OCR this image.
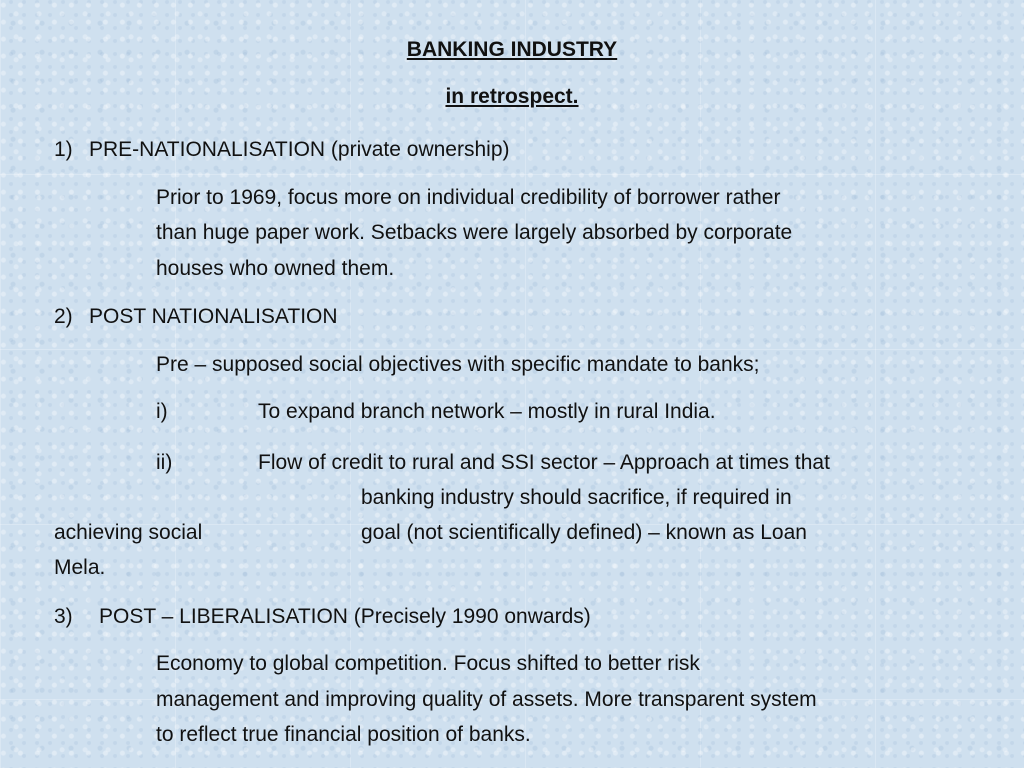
BANKING INDUSTRY
in retrospect.

1) PRE-NATIONALISATION (private ownership)

Prior to 1969, focus more on individual credibility of borrower rather

than huge paper work. Setbacks were largely absorbed by corporate

houses who owned them.

2) POST NATIONALISATION

Pre – supposed social objectives with specific mandate to banks;

i)	To expand branch network – mostly in rural India.

ii)	Flow of credit to rural and SSI sector – Approach at times that

banking industry should sacrifice, if required in

achieving social	goal (not scientifically defined) – known as Loan

Mela.

3) POST – LIBERALISATION (Precisely 1990 onwards)

Economy to global competition. Focus shifted to better risk

management and improving quality of assets. More transparent system

to reflect true financial position of banks.
